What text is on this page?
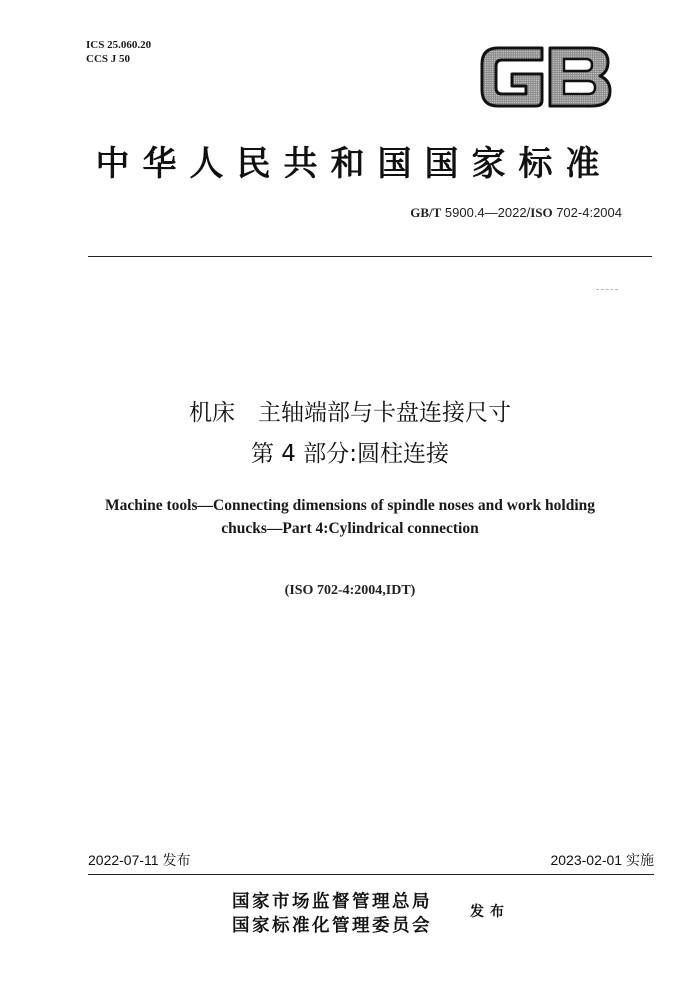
ICS 25.060.20
CCS J 50
中华人民共和国国家标准
GB/T 5900.4—2022/ISO 702-4:2004
机床　主轴端部与卡盘连接尺寸
第 4 部分:圆柱连接
Machine tools—Connecting dimensions of spindle noses and work holding
chucks—Part 4:Cylindrical connection
(ISO 702-4:2004,IDT)
2022-07-11 发布	2023-02-01 实施
国家市场监督管理总局
国家标准化管理委员会
发布
